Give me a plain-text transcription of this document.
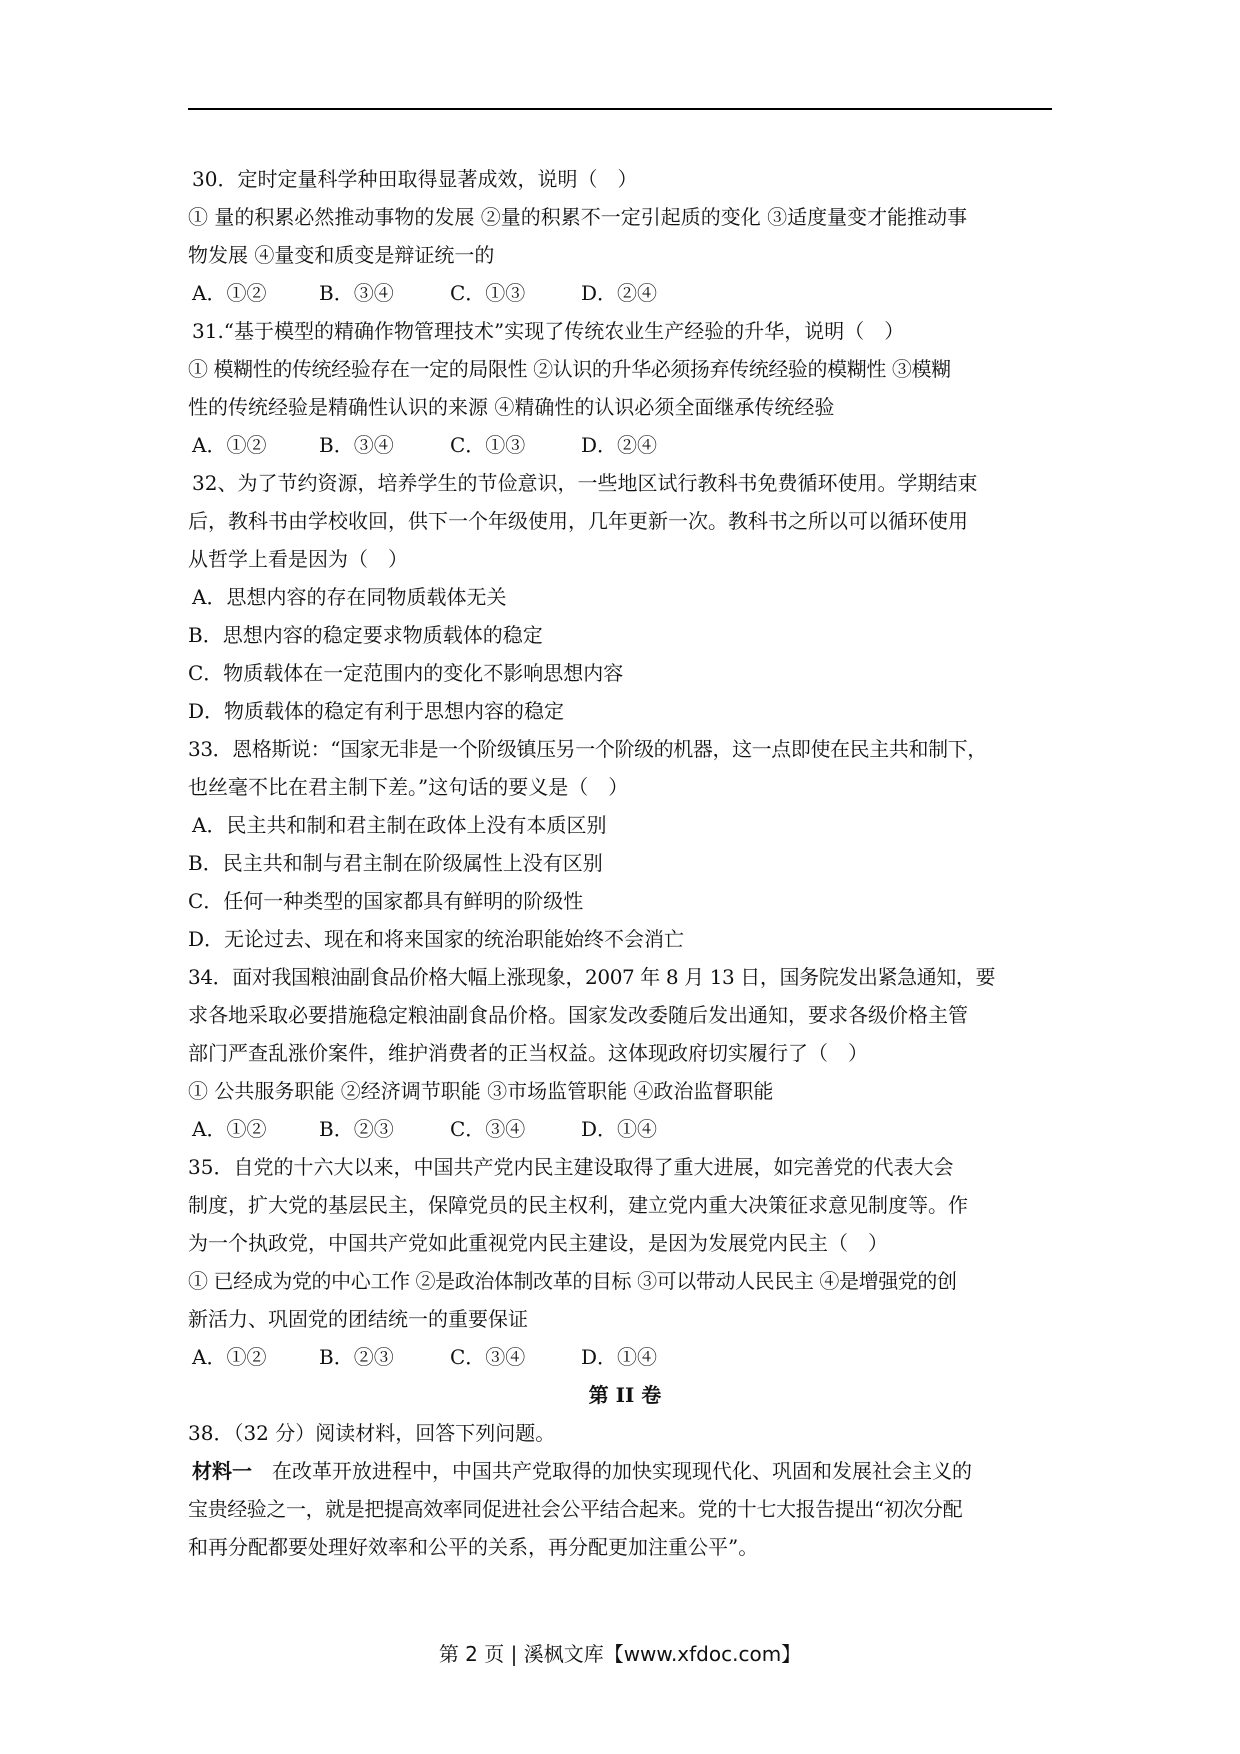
30．定时定量科学种田取得显著成效，说明（　）
① 量的积累必然推动事物的发展 ②量的积累不一定引起质的变化 ③适度量变才能推动事
物发展 ④量变和质变是辩证统一的
A．①②	B．③④	C．①③	D．②④
31.“基于模型的精确作物管理技术”实现了传统农业生产经验的升华，说明（　）
① 模糊性的传统经验存在一定的局限性 ②认识的升华必须扬弃传统经验的模糊性 ③模糊
性的传统经验是精确性认识的来源 ④精确性的认识必须全面继承传统经验
A．①②	B．③④	C．①③	D．②④
32、为了节约资源，培养学生的节俭意识，一些地区试行教科书免费循环使用。学期结束
后，教科书由学校收回，供下一个年级使用，几年更新一次。教科书之所以可以循环使用
从哲学上看是因为（　）
A．思想内容的存在同物质载体无关
B．思想内容的稳定要求物质载体的稳定
C．物质载体在一定范围内的变化不影响思想内容
D．物质载体的稳定有利于思想内容的稳定
33．恩格斯说：“国家无非是一个阶级镇压另一个阶级的机器，这一点即使在民主共和制下，
也丝毫不比在君主制下差。”这句话的要义是（　）
A．民主共和制和君主制在政体上没有本质区别
B．民主共和制与君主制在阶级属性上没有区别
C．任何一种类型的国家都具有鲜明的阶级性
D．无论过去、现在和将来国家的统治职能始终不会消亡
34．面对我国粮油副食品价格大幅上涨现象，2007 年 8 月 13 日，国务院发出紧急通知，要
求各地采取必要措施稳定粮油副食品价格。国家发改委随后发出通知，要求各级价格主管
部门严查乱涨价案件，维护消费者的正当权益。这体现政府切实履行了（　）
① 公共服务职能 ②经济调节职能 ③市场监管职能 ④政治监督职能
A．①②	B．②③	C．③④	D．①④
35．自党的十六大以来，中国共产党内民主建设取得了重大进展，如完善党的代表大会
制度，扩大党的基层民主，保障党员的民主权利，建立党内重大决策征求意见制度等。作
为一个执政党，中国共产党如此重视党内民主建设，是因为发展党内民主（　）
① 已经成为党的中心工作 ②是政治体制改革的目标 ③可以带动人民民主 ④是增强党的创
新活力、巩固党的团结统一的重要保证
A．①②	B．②③	C．③④	D．①④
第 II 卷
38．（32 分）阅读材料，回答下列问题。
材料一　在改革开放进程中，中国共产党取得的加快实现现代化、巩固和发展社会主义的
宝贵经验之一，就是把提高效率同促进社会公平结合起来。党的十七大报告提出“初次分配
和再分配都要处理好效率和公平的关系，再分配更加注重公平”。
第 2 页 | 溪枫文库【www.xfdoc.com】
